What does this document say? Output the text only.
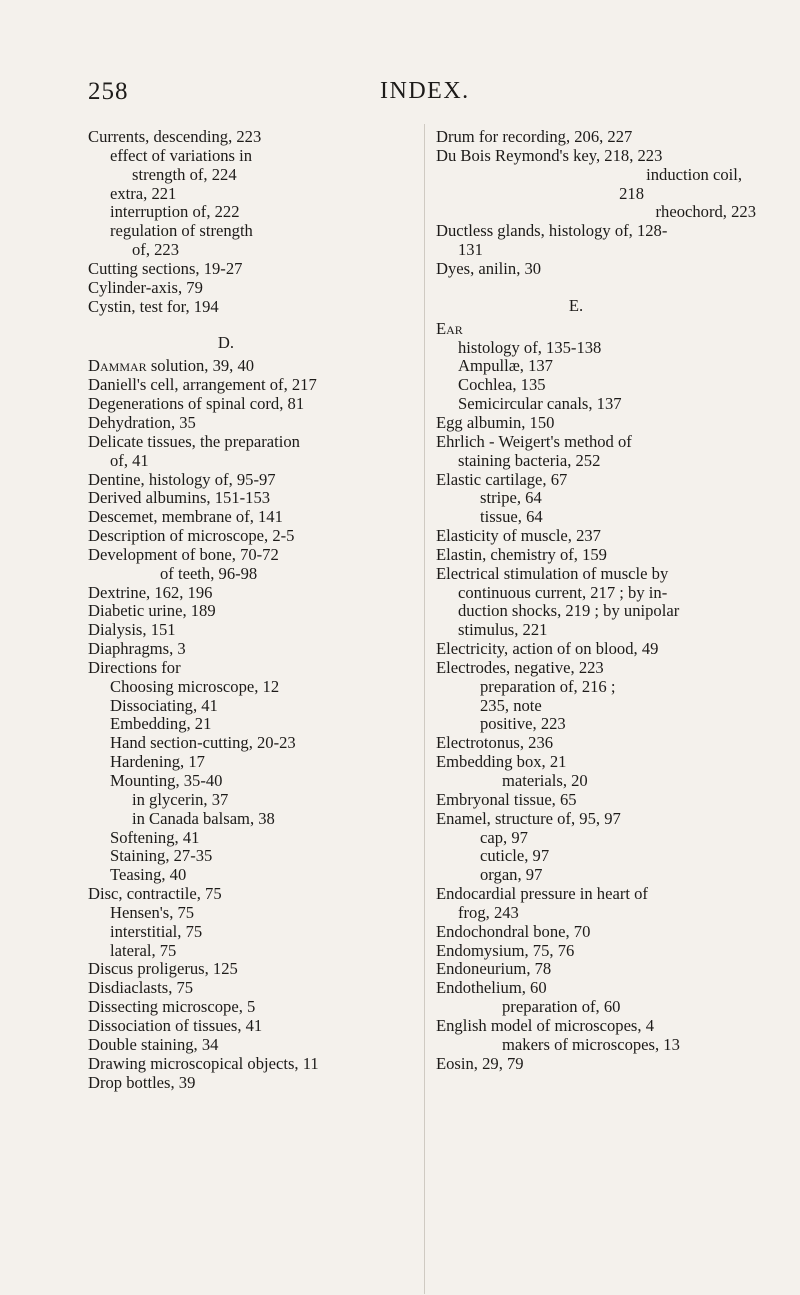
258	INDEX.
Currents, descending, 223
effect of variations in
strength of, 224
extra, 221
interruption of, 222
regulation of strength
of, 223
Cutting sections, 19-27
Cylinder-axis, 79
Cystin, test for, 194
D.
Dammar solution, 39, 40
Daniell's cell, arrangement of, 217
Degenerations of spinal cord, 81
Dehydration, 35
Delicate tissues, the preparation
of, 41
Dentine, histology of, 95-97
Derived albumins, 151-153
Descemet, membrane of, 141
Description of microscope, 2-5
Development of bone, 70-72
of teeth, 96-98
Dextrine, 162, 196
Diabetic urine, 189
Dialysis, 151
Diaphragms, 3
Directions for
Choosing microscope, 12
Dissociating, 41
Embedding, 21
Hand section-cutting, 20-23
Hardening, 17
Mounting, 35-40
in glycerin, 37
in Canada balsam, 38
Softening, 41
Staining, 27-35
Teasing, 40
Disc, contractile, 75
Hensen's, 75
interstitial, 75
lateral, 75
Discus proligerus, 125
Disdiaclasts, 75
Dissecting microscope, 5
Dissociation of tissues, 41
Double staining, 34
Drawing microscopical objects, 11
Drop bottles, 39
Drum for recording, 206, 227
Du Bois Reymond's key, 218, 223
induction coil,
218
rheochord, 223
Ductless glands, histology of, 128-
131
Dyes, anilin, 30
E.
Ear
histology of, 135-138
Ampullæ, 137
Cochlea, 135
Semicircular canals, 137
Egg albumin, 150
Ehrlich - Weigert's method of
staining bacteria, 252
Elastic cartilage, 67
stripe, 64
tissue, 64
Elasticity of muscle, 237
Elastin, chemistry of, 159
Electrical stimulation of muscle by
continuous current, 217 ; by in-
duction shocks, 219 ; by unipolar
stimulus, 221
Electricity, action of on blood, 49
Electrodes, negative, 223
preparation of, 216 ;
235, note
positive, 223
Electrotonus, 236
Embedding box, 21
materials, 20
Embryonal tissue, 65
Enamel, structure of, 95, 97
cap, 97
cuticle, 97
organ, 97
Endocardial pressure in heart of
frog, 243
Endochondral bone, 70
Endomysium, 75, 76
Endoneurium, 78
Endothelium, 60
preparation of, 60
English model of microscopes, 4
makers of microscopes, 13
Eosin, 29, 79
